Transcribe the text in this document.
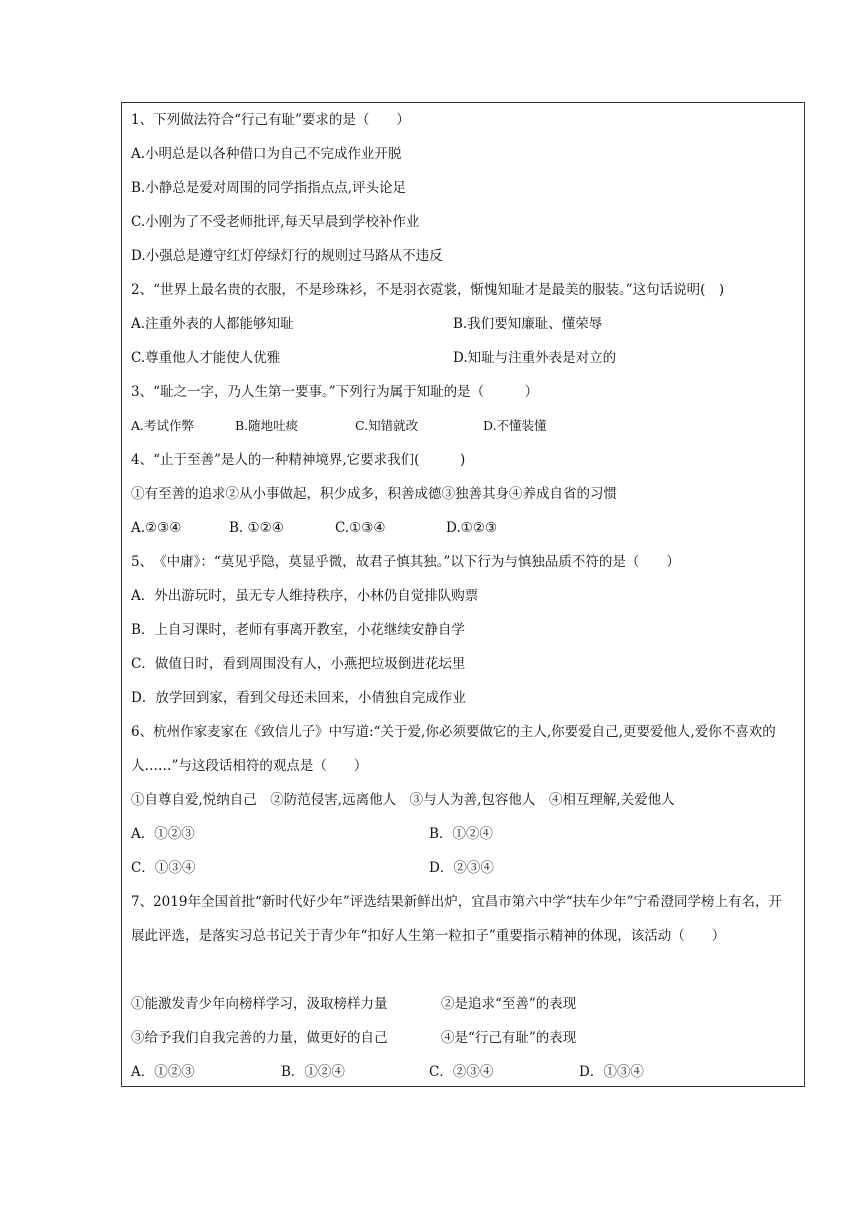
1、下列做法符合“行己有耻”要求的是（　　）
A.小明总是以各种借口为自己不完成作业开脱
B.小静总是爱对周围的同学指指点点,评头论足
C.小刚为了不受老师批评,每天早晨到学校补作业
D.小强总是遵守红灯停绿灯行的规则过马路从不违反
2、“世界上最名贵的衣服，不是珍珠衫，不是羽衣霓裳，惭愧知耻才是最美的服装。”这句话说明(　)
A.注重外表的人都能够知耻	B.我们要知廉耻、懂荣辱
C.尊重他人才能使人优雅	D.知耻与注重外表是对立的
3、“耻之一字，乃人生第一要事。”下列行为属于知耻的是（　　　）
A.考试作弊	B.随地吐痰	C.知错就改	D.不懂装懂
4、“止于至善”是人的一种精神境界,它要求我们(　　　)
①有至善的追求②从小事做起，积少成多，积善成德③独善其身④养成自省的习惯
A.②③④	B. ①②④	C.①③④	D.①②③
5、　《中庸》：“莫见乎隐，莫显乎微，故君子慎其独。”以下行为与慎独品质不符的是（　　）
A．外出游玩时，虽无专人维持秩序，小林仍自觉排队购票
B．上自习课时，老师有事离开教室，小花继续安静自学
C．做值日时，看到周围没有人，小燕把垃圾倒进花坛里
D．放学回到家，看到父母还未回来，小倩独自完成作业
6、杭州作家麦家在《致信儿子》中写道:“关于爱,你必须要做它的主人,你要爱自己,更要爱他人,爱你不喜欢的人……”与这段话相符的观点是（　　）
①自尊自爱,悦纳自己　②防范侵害,远离他人　③与人为善,包容他人　④相互理解,关爱他人
A．①②③	B．①②④
C．①③④	D．②③④
7、2019年全国首批“新时代好少年”评选结果新鲜出炉，宜昌市第六中学“扶车少年”宁希澄同学榜上有名，开展此评选，是落实习总书记关于青少年“扣好人生第一粒扣子”重要指示精神的体现，该活动（　　）
①能激发青少年向榜样学习，汲取榜样力量	②是追求“至善”的表现
③给予我们自我完善的力量，做更好的自己	④是“行己有耻”的表现
A．①②③	B．①②④	C．②③④	D．①③④
